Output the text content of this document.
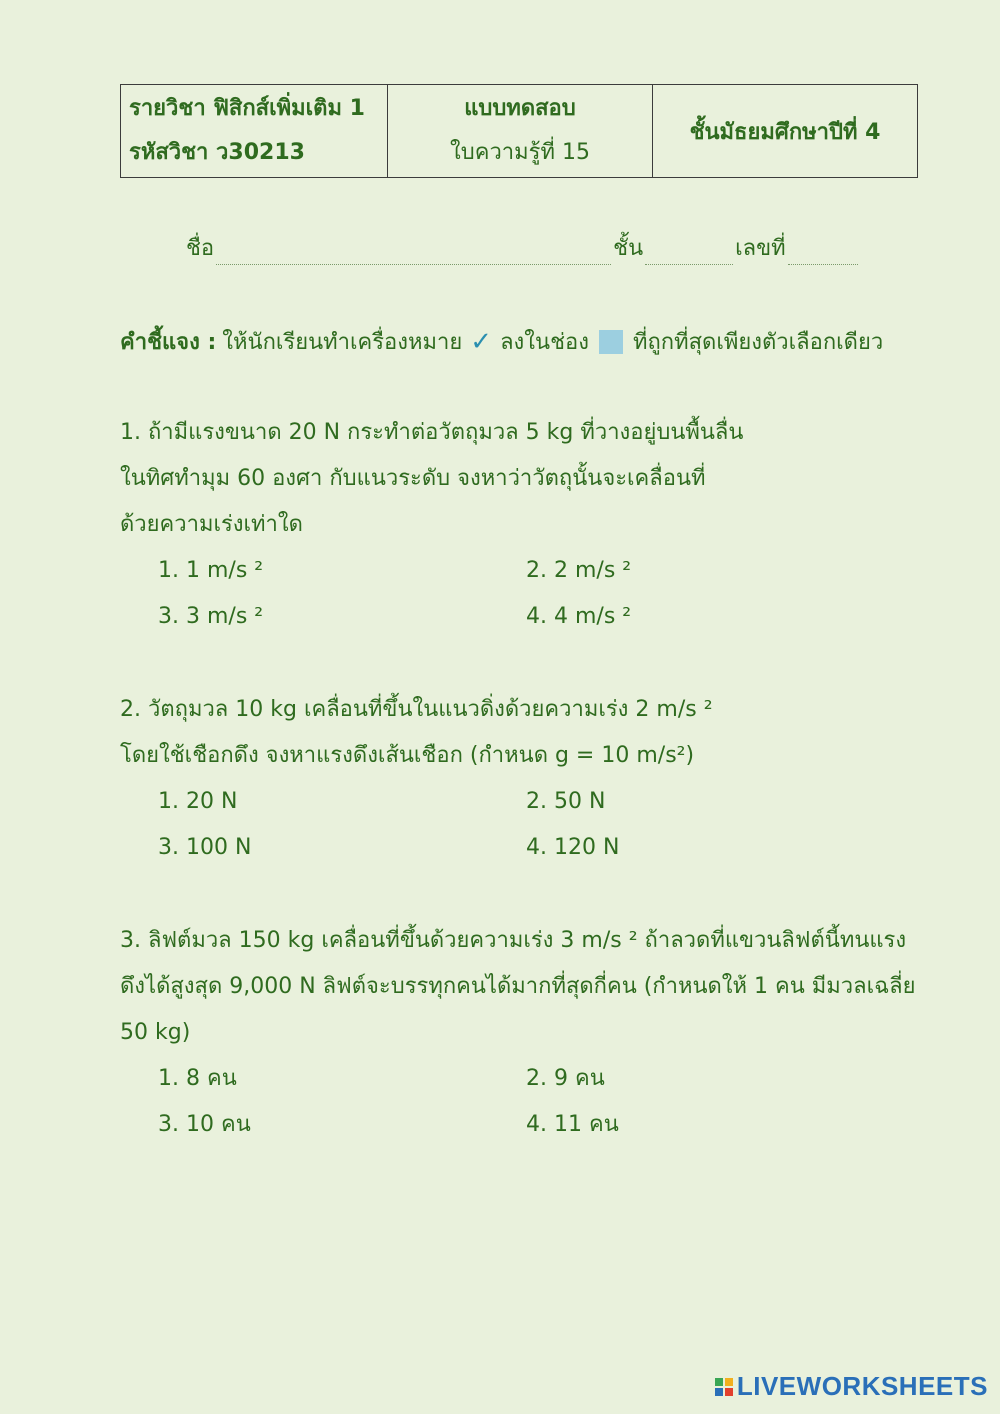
รายวิชา ฟิสิกส์เพิ่มเติม 1
รหัสวิชา ว30213

แบบทดสอบ
ใบความรู้ที่ 15
	ชั้นมัธยมศึกษาปีที่ 4
ชื่อ	ชั้น	เลขที่
คำชี้แจง : ให้นักเรียนทำเครื่องหมาย ✓ ลงในช่อง ที่ถูกที่สุดเพียงตัวเลือกเดียว
1. ถ้ามีแรงขนาด 20 N กระทำต่อวัตถุมวล 5 kg ที่วางอยู่บนพื้นลื่น
ในทิศทำมุม 60 องศา กับแนวระดับ จงหาว่าวัตถุนั้นจะเคลื่อนที่
ด้วยความเร่งเท่าใด
1. 1 m/s ²	2. 2 m/s ²
3. 3 m/s ²	4. 4 m/s ²
2. วัตถุมวล 10 kg เคลื่อนที่ขึ้นในแนวดิ่งด้วยความเร่ง 2 m/s ²
โดยใช้เชือกดึง จงหาแรงดึงเส้นเชือก (กำหนด g = 10 m/s²)
1. 20 N	2. 50 N
3. 100 N	4. 120 N
3. ลิฟต์มวล 150 kg เคลื่อนที่ขึ้นด้วยความเร่ง 3 m/s ² ถ้าลวดที่แขวนลิฟต์นี้ทนแรง
ดึงได้สูงสุด 9,000 N ลิฟต์จะบรรทุกคนได้มากที่สุดกี่คน (กำหนดให้ 1 คน มีมวลเฉลี่ย
50 kg)
1. 8 คน	2. 9 คน
3. 10 คน	4. 11 คน
LIVEWORKSHEETS
